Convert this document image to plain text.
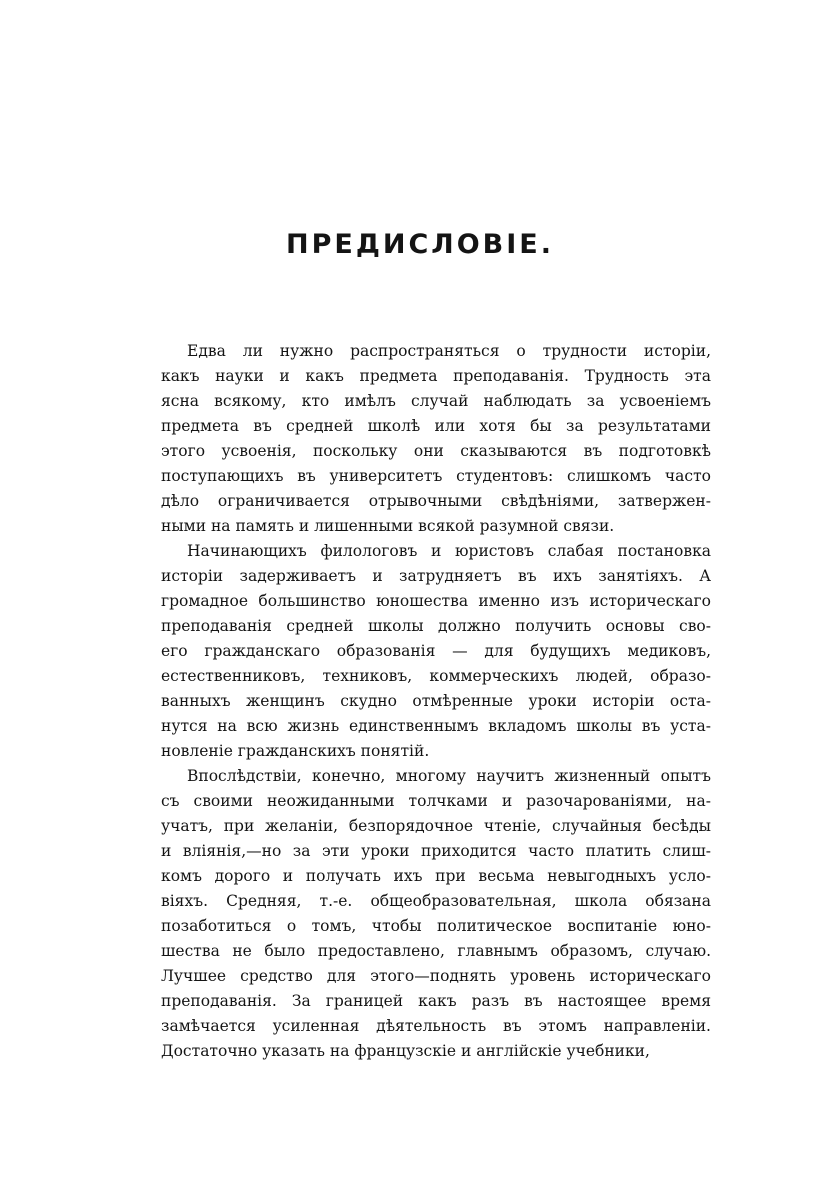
ПРЕДИСЛОВIЕ.
Едва ли нужно распространяться о трудности исторiи,
какъ науки и какъ предмета преподаванiя. Трудность эта
ясна всякому, кто имѣлъ случай наблюдать за усвоенiемъ
предмета въ средней школѣ или хотя бы за результатами
этого усвоенiя, поскольку они сказываются въ подготовкѣ
поступающихъ въ университетъ студентовъ: слишкомъ часто
дѣло ограничивается отрывочными свѣдѣнiями, затвержен-
ными на память и лишенными всякой разумной связи.
Начинающихъ филологовъ и юристовъ слабая постановка
исторiи задерживаетъ и затрудняетъ въ ихъ занятiяхъ. А
громадное большинство юношества именно изъ историческаго
преподаванiя средней школы должно получить основы сво-
его гражданскаго образованiя — для будущихъ медиковъ,
естественниковъ, техниковъ, коммерческихъ людей, образо-
ванныхъ женщинъ скудно отмѣренные уроки исторiи оста-
нутся на всю жизнь единственнымъ вкладомъ школы въ уста-
новленiе гражданскихъ понятiй.
Впослѣдствiи, конечно, многому научитъ жизненный опытъ
съ своими неожиданными толчками и разочарованiями, на-
учатъ, при желанiи, безпорядочное чтенiе, случайныя бесѣды
и влiянiя,—но за эти уроки приходится часто платить слиш-
комъ дорого и получать ихъ при весьма невыгодныхъ усло-
вiяхъ. Средняя, т.-е. общеобразовательная, школа обязана
позаботиться о томъ, чтобы политическое воспитанiе юно-
шества не было предоставлено, главнымъ образомъ, случаю.
Лучшее средство для этого—поднять уровень историческаго
преподаванiя. За границей какъ разъ въ настоящее время
замѣчается усиленная дѣятельность въ этомъ направленiи.
Достаточно указать на французскiе и англiйскiе учебники,
